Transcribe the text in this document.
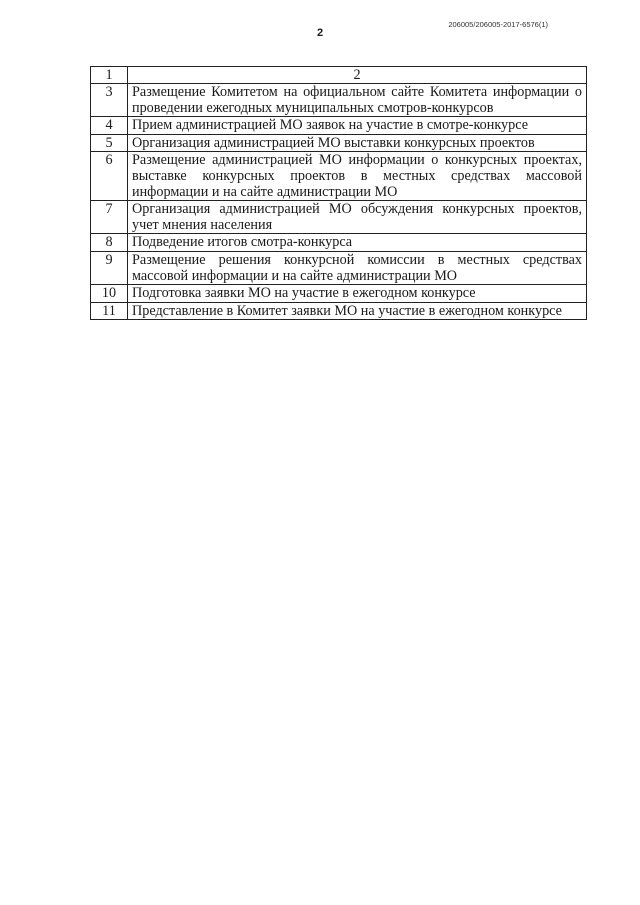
206005/206005-2017-6576(1)
2
1	2
3	Размещение Комитетом на официальном сайте Комитета информации о проведении ежегодных муниципальных смотров-конкурсов
4	Прием администрацией МО заявок на участие в смотре-конкурсе
5	Организация администрацией МО выставки конкурсных проектов
6	Размещение администрацией МО информации о конкурсных проектах, выставке конкурсных проектов в местных средствах массовой информации и на сайте администрации МО
7	Организация администрацией МО обсуждения конкурсных проектов, учет мнения населения
8	Подведение итогов смотра-конкурса
9	Размещение решения конкурсной комиссии в местных средствах массовой информации и на сайте администрации МО
10	Подготовка заявки МО на участие в ежегодном конкурсе
11	Представление в Комитет заявки МО на участие в ежегодном конкурсе
